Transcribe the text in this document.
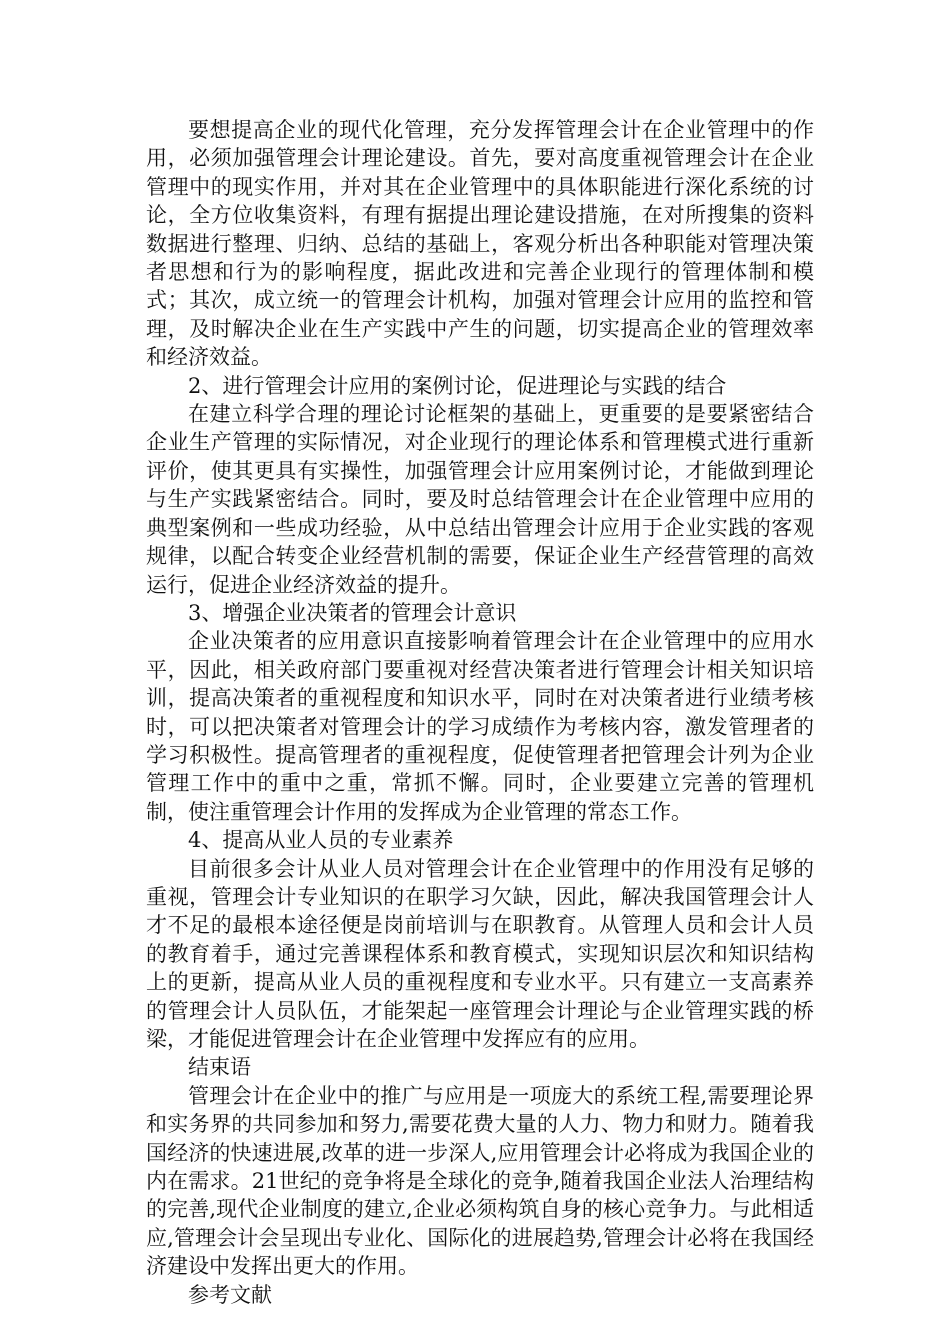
要想提高企业的现代化管理，充分发挥管理会计在企业管理中的作用，必须加强管理会计理论建设。首先，要对高度重视管理会计在企业管理中的现实作用，并对其在企业管理中的具体职能进行深化系统的讨论，全方位收集资料，有理有据提出理论建设措施，在对所搜集的资料数据进行整理、归纳、总结的基础上，客观分析出各种职能对管理决策者思想和行为的影响程度，据此改进和完善企业现行的管理体制和模式；其次，成立统一的管理会计机构，加强对管理会计应用的监控和管理，及时解决企业在生产实践中产生的问题，切实提高企业的管理效率和经济效益。

2、进行管理会计应用的案例讨论，促进理论与实践的结合

在建立科学合理的理论讨论框架的基础上，更重要的是要紧密结合企业生产管理的实际情况，对企业现行的理论体系和管理模式进行重新评价，使其更具有实操性，加强管理会计应用案例讨论，才能做到理论与生产实践紧密结合。同时，要及时总结管理会计在企业管理中应用的典型案例和一些成功经验，从中总结出管理会计应用于企业实践的客观规律，以配合转变企业经营机制的需要，保证企业生产经营管理的高效运行，促进企业经济效益的提升。

3、增强企业决策者的管理会计意识

企业决策者的应用意识直接影响着管理会计在企业管理中的应用水平，因此，相关政府部门要重视对经营决策者进行管理会计相关知识培训，提高决策者的重视程度和知识水平，同时在对决策者进行业绩考核时，可以把决策者对管理会计的学习成绩作为考核内容，激发管理者的学习积极性。提高管理者的重视程度，促使管理者把管理会计列为企业管理工作中的重中之重，常抓不懈。同时，企业要建立完善的管理机制，使注重管理会计作用的发挥成为企业管理的常态工作。

4、提高从业人员的专业素养

目前很多会计从业人员对管理会计在企业管理中的作用没有足够的重视，管理会计专业知识的在职学习欠缺，因此，解决我国管理会计人才不足的最根本途径便是岗前培训与在职教育。从管理人员和会计人员的教育着手，通过完善课程体系和教育模式，实现知识层次和知识结构上的更新，提高从业人员的重视程度和专业水平。只有建立一支高素养的管理会计人员队伍，才能架起一座管理会计理论与企业管理实践的桥梁，才能促进管理会计在企业管理中发挥应有的应用。

结束语

管理会计在企业中的推广与应用是一项庞大的系统工程,需要理论界和实务界的共同参加和努力,需要花费大量的人力、物力和财力。随着我国经济的快速进展,改革的进一步深人,应用管理会计必将成为我国企业的内在需求。21世纪的竞争将是全球化的竞争,随着我国企业法人治理结构的完善,现代企业制度的建立,企业必须构筑自身的核心竞争力。与此相适应,管理会计会呈现出专业化、国际化的进展趋势,管理会计必将在我国经济建设中发挥出更大的作用。

参考文献
